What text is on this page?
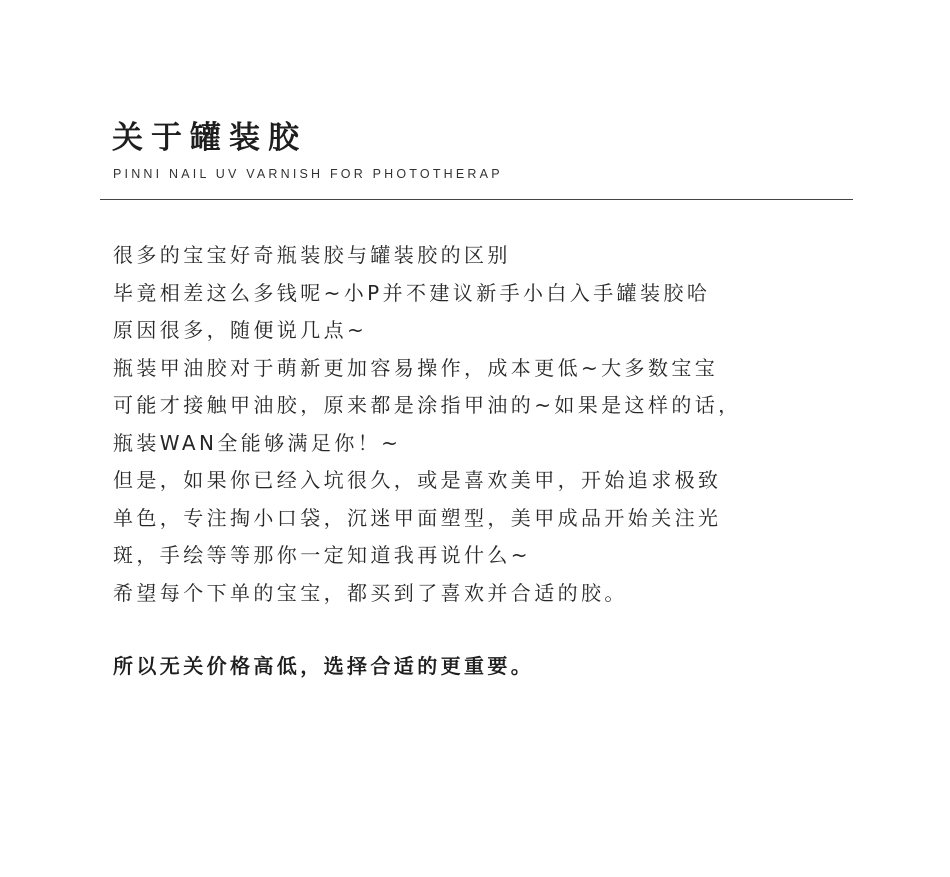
关于罐装胶
PINNI NAIL UV VARNISH FOR PHOTOTHERAP
很多的宝宝好奇瓶装胶与罐装胶的区别
毕竟相差这么多钱呢~小P并不建议新手小白入手罐装胶哈
原因很多，随便说几点~
瓶装甲油胶对于萌新更加容易操作，成本更低~大多数宝宝
可能才接触甲油胶，原来都是涂指甲油的~如果是这样的话，
瓶装WAN全能够满足你！~
但是，如果你已经入坑很久，或是喜欢美甲，开始追求极致
单色，专注掏小口袋，沉迷甲面塑型，美甲成品开始关注光
斑，手绘等等那你一定知道我再说什么~
希望每个下单的宝宝，都买到了喜欢并合适的胶。
所以无关价格高低，选择合适的更重要。
